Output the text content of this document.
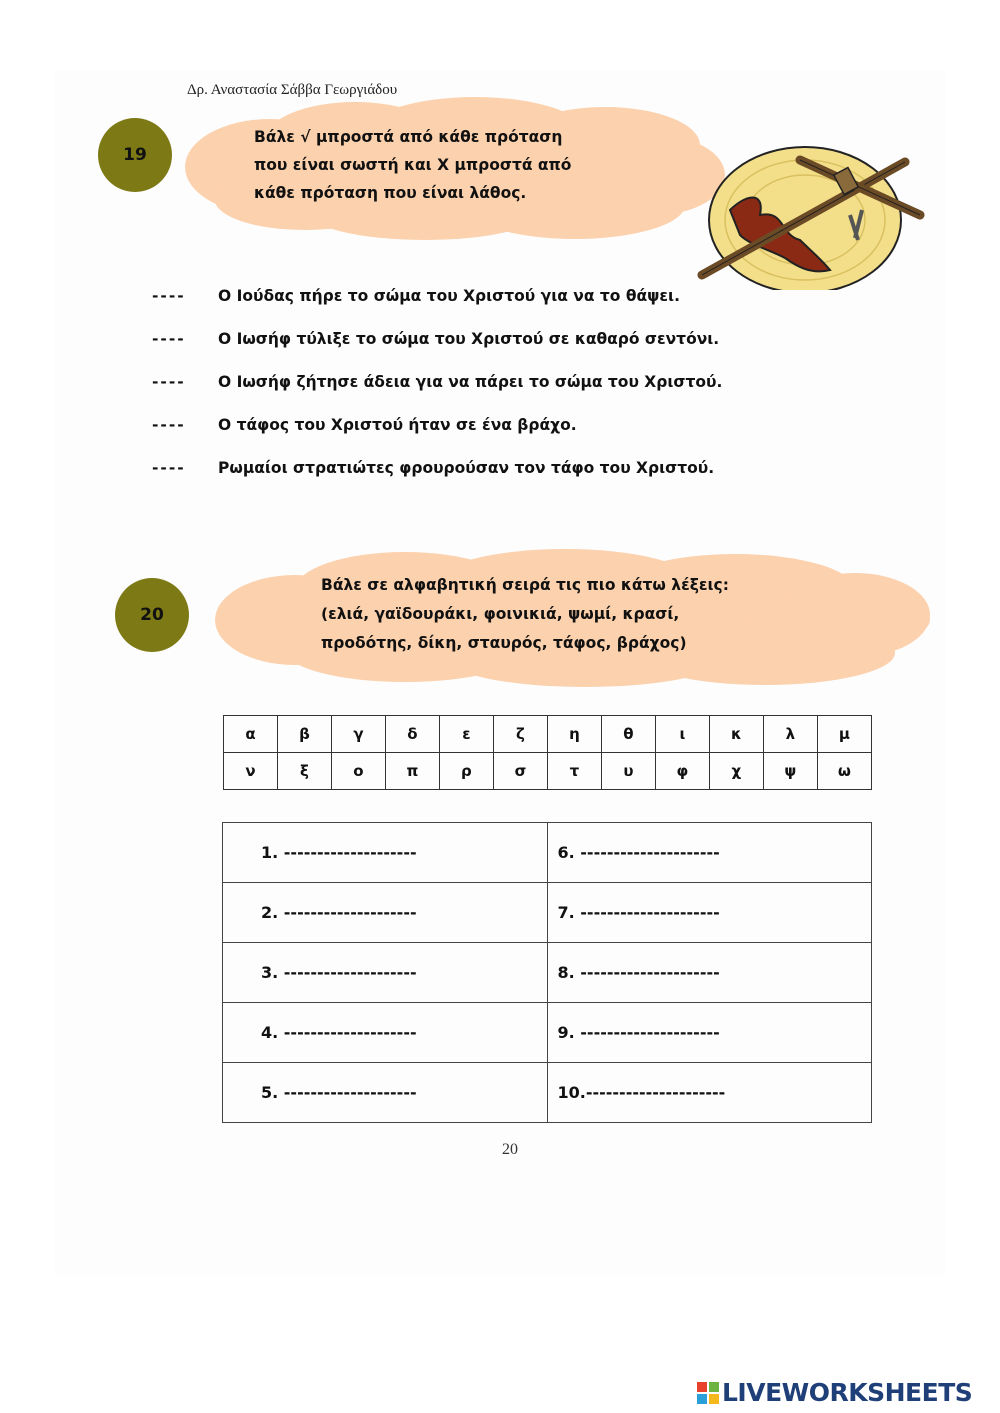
Δρ. Αναστασία Σάββα Γεωργιάδου
19
Βάλε √ μπροστά από κάθε πρόταση
που είναι σωστή και Χ μπροστά από
κάθε πρόταση που είναι λάθος.
---- Ο Ιούδας πήρε το σώμα του Χριστού για να το θάψει.
---- Ο Ιωσήφ τύλιξε το σώμα του Χριστού σε καθαρό σεντόνι.
---- Ο Ιωσήφ ζήτησε άδεια για να πάρει το σώμα του Χριστού.
---- Ο τάφος του Χριστού ήταν σε ένα βράχο.
---- Ρωμαίοι στρατιώτες φρουρούσαν τον τάφο του Χριστού.
20
Βάλε σε αλφαβητική σειρά τις πιο κάτω λέξεις:
(ελιά, γαϊδουράκι, φοινικιά, ψωμί, κρασί,
προδότης, δίκη, σταυρός, τάφος, βράχος)
α	β	γ	δ	ε	ζ	η	θ	ι	κ	λ	μ
ν	ξ	ο	π	ρ	σ	τ	υ	φ	χ	ψ	ω
1. --------------------	6. ---------------------
2. --------------------	7. ---------------------
3. --------------------	8. ---------------------
4. --------------------	9. ---------------------
5. --------------------	10.---------------------
20
LIVEWORKSHEETS
